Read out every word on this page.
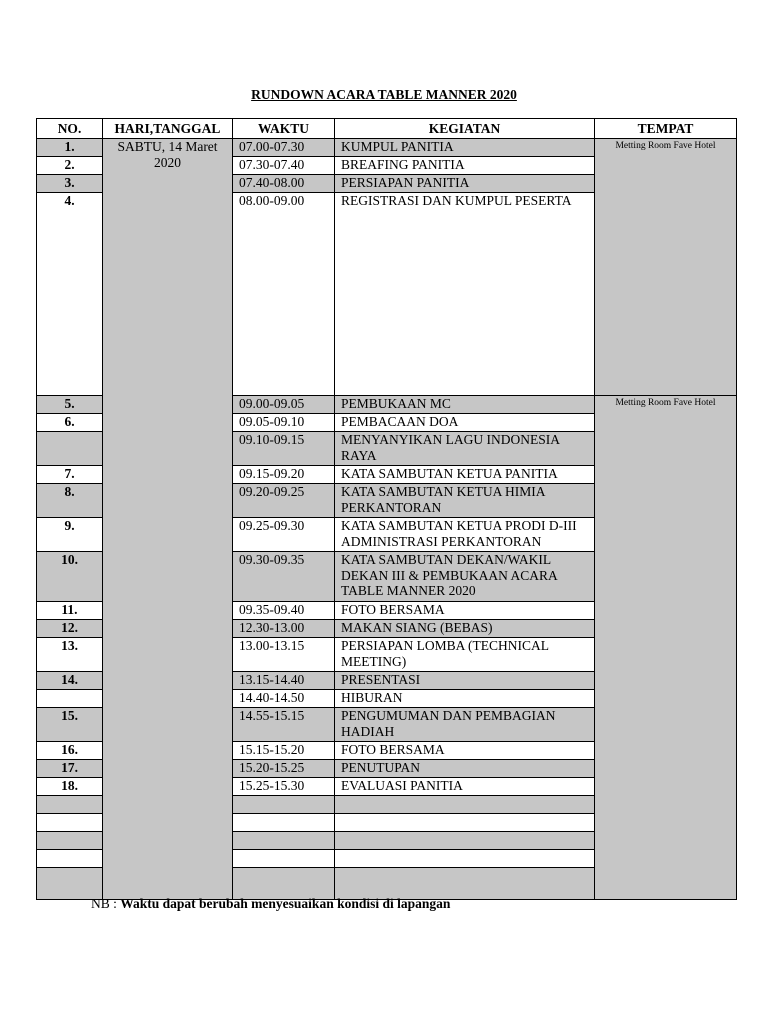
RUNDOWN ACARA TABLE MANNER 2020
NO.	HARI,TANGGAL	WAKTU	KEGIATAN	TEMPAT
1.	SABTU, 14 Maret 2020	07.00-07.30	KUMPUL PANITIA	Metting Room Fave Hotel
2.		07.30-07.40	BREAFING PANITIA	
3.		07.40-08.00	PERSIAPAN PANITIA	
4.		08.00-09.00	REGISTRASI DAN KUMPUL PESERTA	
5.		09.00-09.05	PEMBUKAAN MC	Metting Room Fave Hotel
6.		09.05-09.10	PEMBACAAN DOA	
		09.10-09.15	MENYANYIKAN LAGU INDONESIA RAYA	
7.		09.15-09.20	KATA SAMBUTAN KETUA PANITIA	
8.		09.20-09.25	KATA SAMBUTAN KETUA HIMIA PERKANTORAN	
9.		09.25-09.30	KATA SAMBUTAN KETUA PRODI D-III ADMINISTRASI PERKANTORAN	
10.		09.30-09.35	KATA SAMBUTAN DEKAN/WAKIL DEKAN III & PEMBUKAAN ACARA TABLE MANNER 2020	
11.		09.35-09.40	FOTO BERSAMA	
12.		12.30-13.00	MAKAN SIANG (BEBAS)	
13.		13.00-13.15	PERSIAPAN LOMBA (TECHNICAL MEETING)	
14.		13.15-14.40	PRESENTASI	
		14.40-14.50	HIBURAN	
15.		14.55-15.15	PENGUMUMAN DAN PEMBAGIAN HADIAH	
16.		15.15-15.20	FOTO BERSAMA	
17.		15.20-15.25	PENUTUPAN	
18.		15.25-15.30	EVALUASI PANITIA	

NB : Waktu dapat berubah menyesuaikan kondisi di lapangan
